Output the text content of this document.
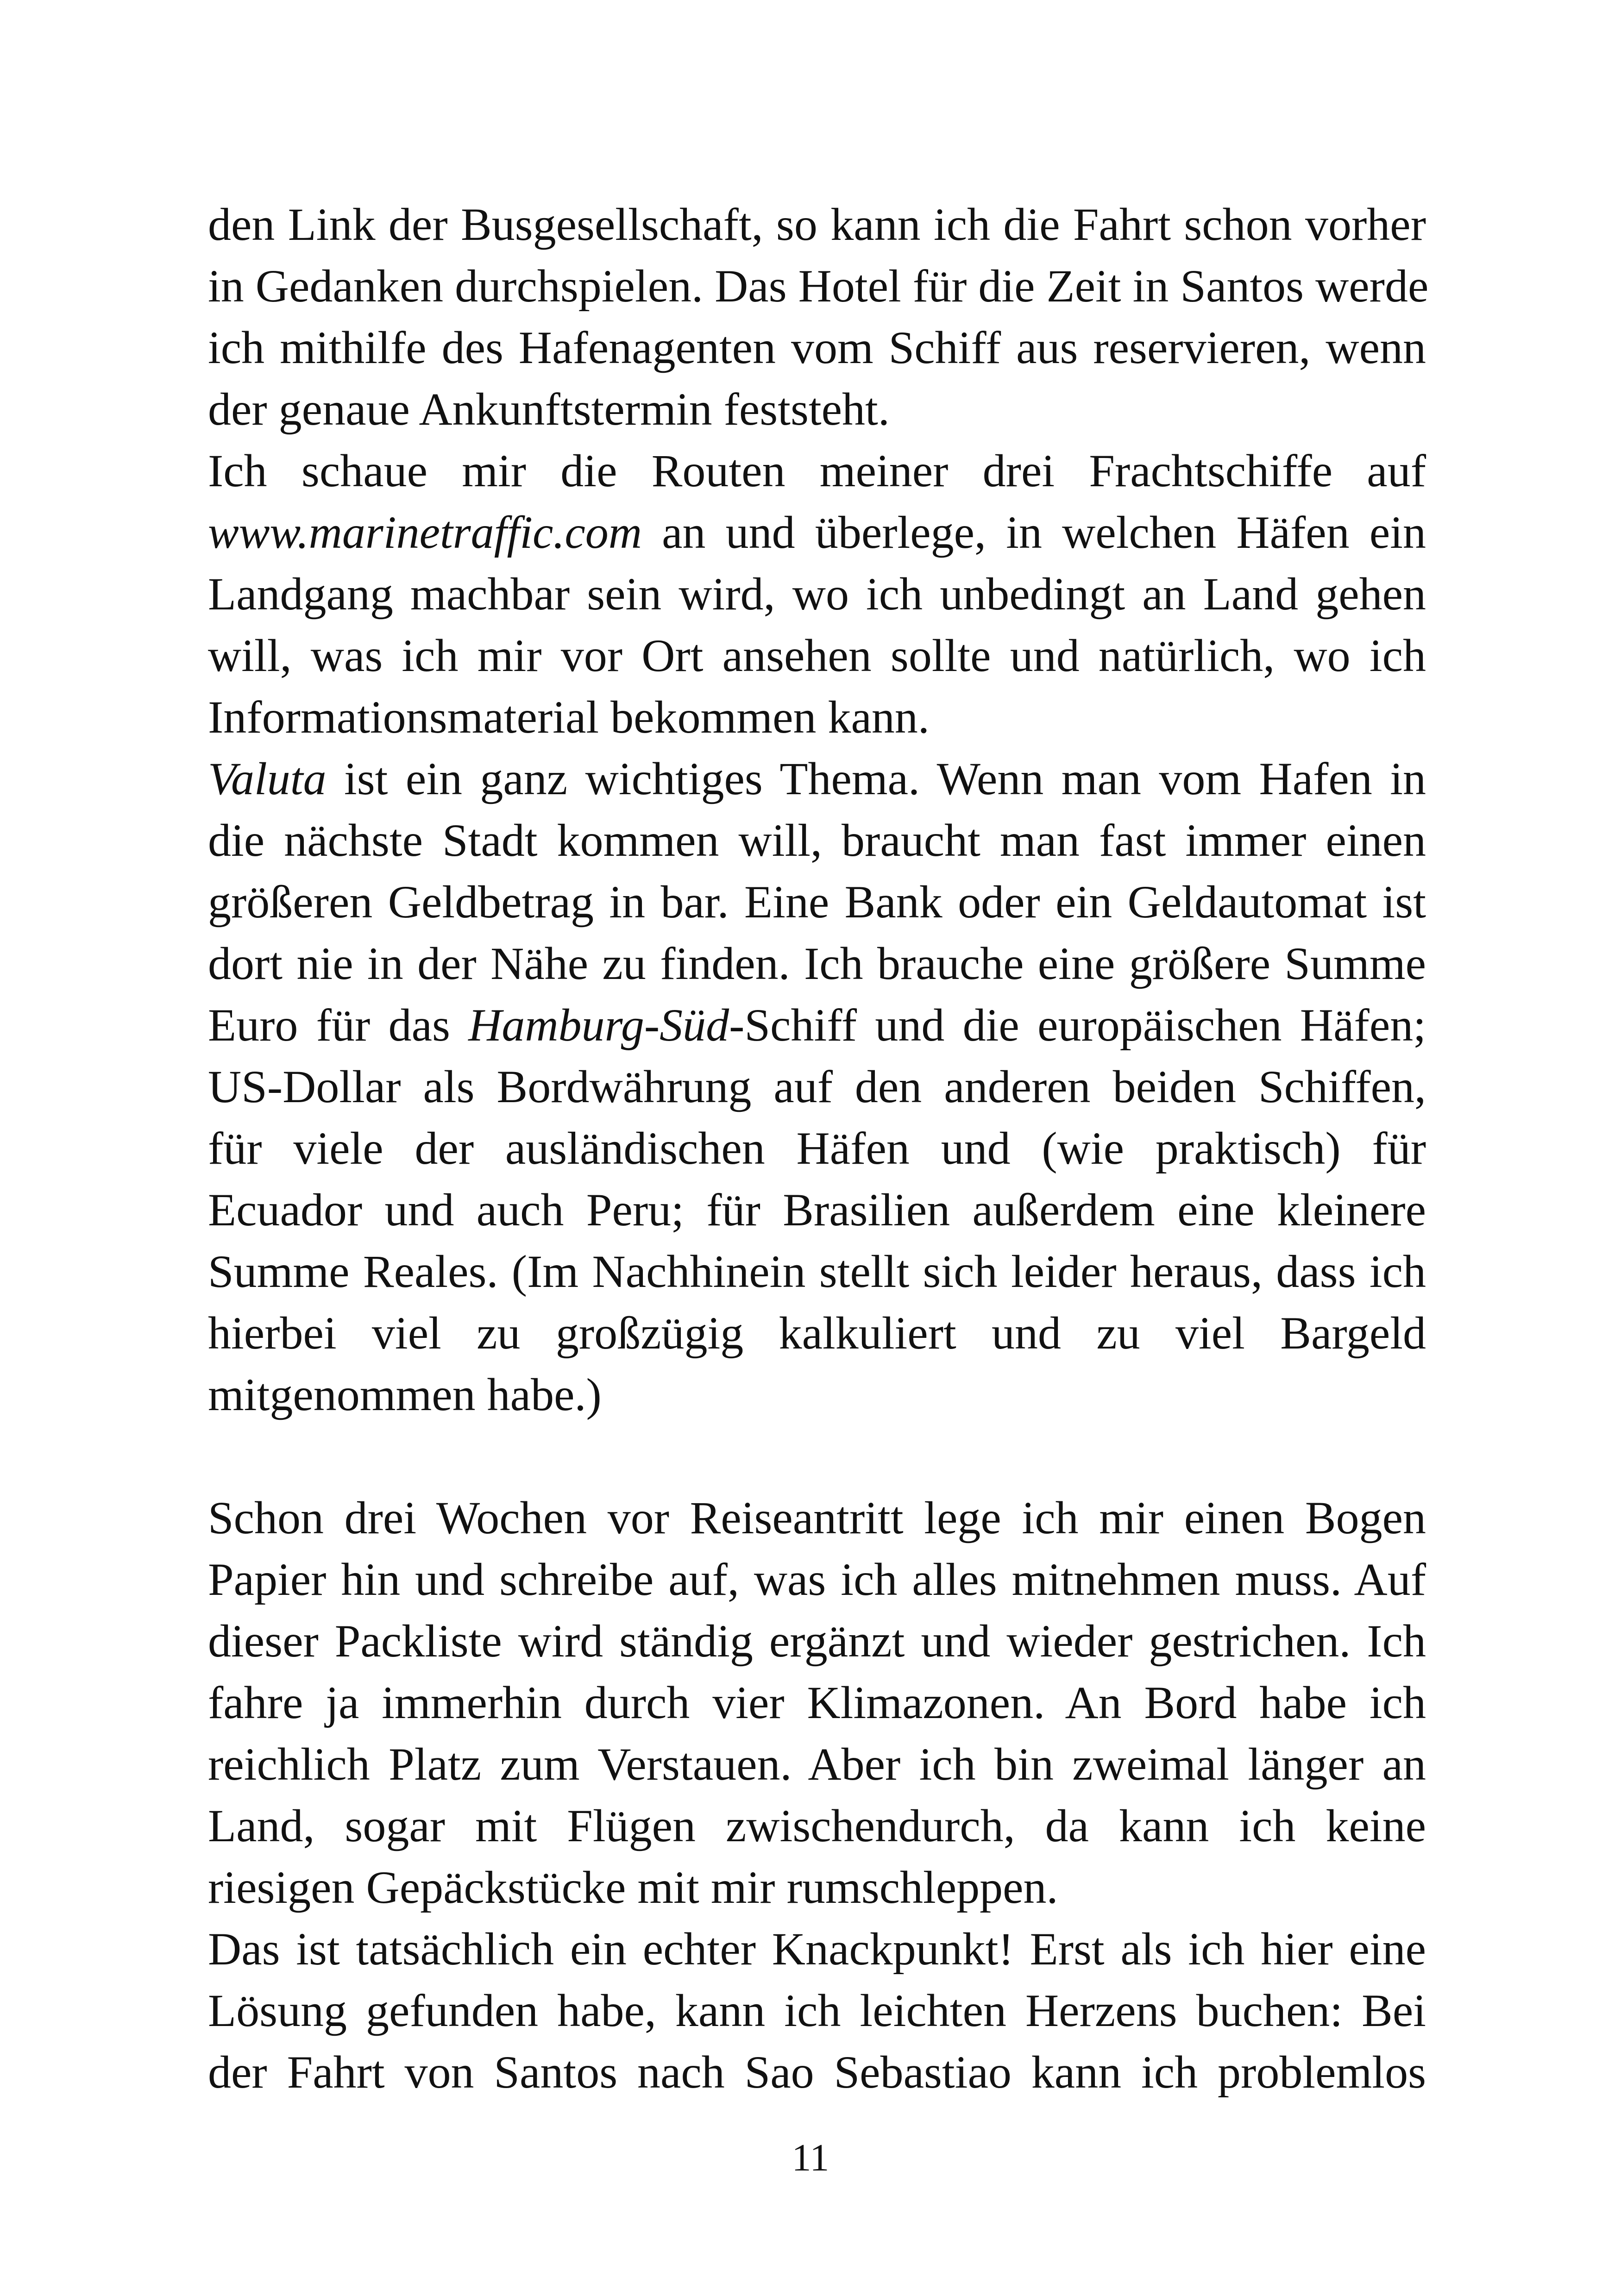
den Link der Busgesellschaft, so kann ich die Fahrt schon vorher
in Gedanken durchspielen. Das Hotel für die Zeit in Santos werde
ich mithilfe des Hafenagenten vom Schiff aus reservieren, wenn
der genaue Ankunftstermin feststeht.
Ich schaue mir die Routen meiner drei Frachtschiffe auf
www.marinetraffic.com an und überlege, in welchen Häfen ein
Landgang machbar sein wird, wo ich unbedingt an Land gehen
will, was ich mir vor Ort ansehen sollte und natürlich, wo ich
Informationsmaterial bekommen kann.
Valuta ist ein ganz wichtiges Thema. Wenn man vom Hafen in
die nächste Stadt kommen will, braucht man fast immer einen
größeren Geldbetrag in bar. Eine Bank oder ein Geldautomat ist
dort nie in der Nähe zu finden. Ich brauche eine größere Summe
Euro für das Hamburg-Süd-Schiff und die europäischen Häfen;
US-Dollar als Bordwährung auf den anderen beiden Schiffen,
für viele der ausländischen Häfen und (wie praktisch) für
Ecuador und auch Peru; für Brasilien außerdem eine kleinere
Summe Reales. (Im Nachhinein stellt sich leider heraus, dass ich
hierbei viel zu großzügig kalkuliert und zu viel Bargeld
mitgenommen habe.)
Schon drei Wochen vor Reiseantritt lege ich mir einen Bogen
Papier hin und schreibe auf, was ich alles mitnehmen muss. Auf
dieser Packliste wird ständig ergänzt und wieder gestrichen. Ich
fahre ja immerhin durch vier Klimazonen. An Bord habe ich
reichlich Platz zum Verstauen. Aber ich bin zweimal länger an
Land, sogar mit Flügen zwischendurch, da kann ich keine
riesigen Gepäckstücke mit mir rumschleppen.
Das ist tatsächlich ein echter Knackpunkt! Erst als ich hier eine
Lösung gefunden habe, kann ich leichten Herzens buchen: Bei
der Fahrt von Santos nach Sao Sebastiao kann ich problemlos
11
